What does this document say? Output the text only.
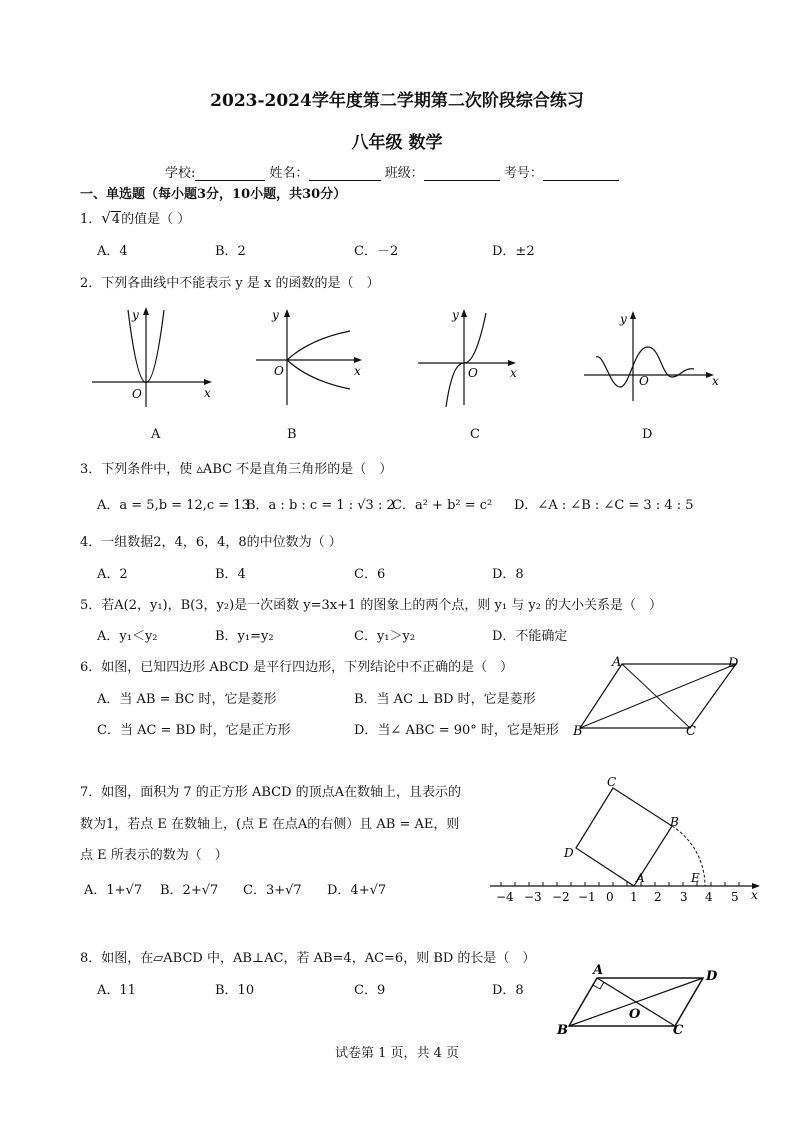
2023-2024学年度第二学期第二次阶段综合练习
八年级 数学
学校:	姓名：	班级：	考号：
一、单选题（每小题3分，10小题，共30分）
1．√4的值是（ ）
A．4	B．2	C．－2	D．±2
2．下列各曲线中不能表示 y 是 x 的函数的是（　）
y
x
O
A
y
x
O
B
y
x
O
C
y
x
O
D
3．下列条件中，使 ▵ABC 不是直角三角形的是（　）
A．a = 5,b = 12,c = 13
B．a : b : c = 1 : √3 : 2
C．a² + b² = c² D．∠A : ∠B : ∠C = 3 : 4 : 5
4．一组数据2，4，6，4，8的中位数为（ ）
A．2	B．4	C．6	D．8
5．若A(2，y₁)，B(3，y₂)是一次函数 y=3x+1 的图象上的两个点，则 y₁ 与 y₂ 的大小关系是（　）
A．y₁＜y₂	B．y₁=y₂	C．y₁＞y₂	D．不能确定
6．如图，已知四边形 ABCD 是平行四边形，下列结论中不正确的是（　）
A．当 AB = BC 时，它是菱形	B．当 AC ⊥ BD 时，它是菱形
C．当 AC = BD 时，它是正方形	D．当∠ ABC = 90° 时，它是矩形
A	D
B	C
7．如图，面积为 7 的正方形 ABCD 的顶点A在数轴上，且表示的
数为1，若点 E 在数轴上，(点 E 在点A的右侧）且 AB = AE，则
点 E 所表示的数为（　）
A．1+√7 B．2+√7 C．3+√7 D．4+√7	−4 −3 −2 −1 0 1 2 3 4 5 x
A
B
C
D
E
8．如图，在▱ABCD 中，AB⊥AC，若 AB=4，AC=6，则 BD 的长是（　）
A．11	B．10	C．9	D．8
A	D
B	C
O
试卷第 1 页，共 4 页
